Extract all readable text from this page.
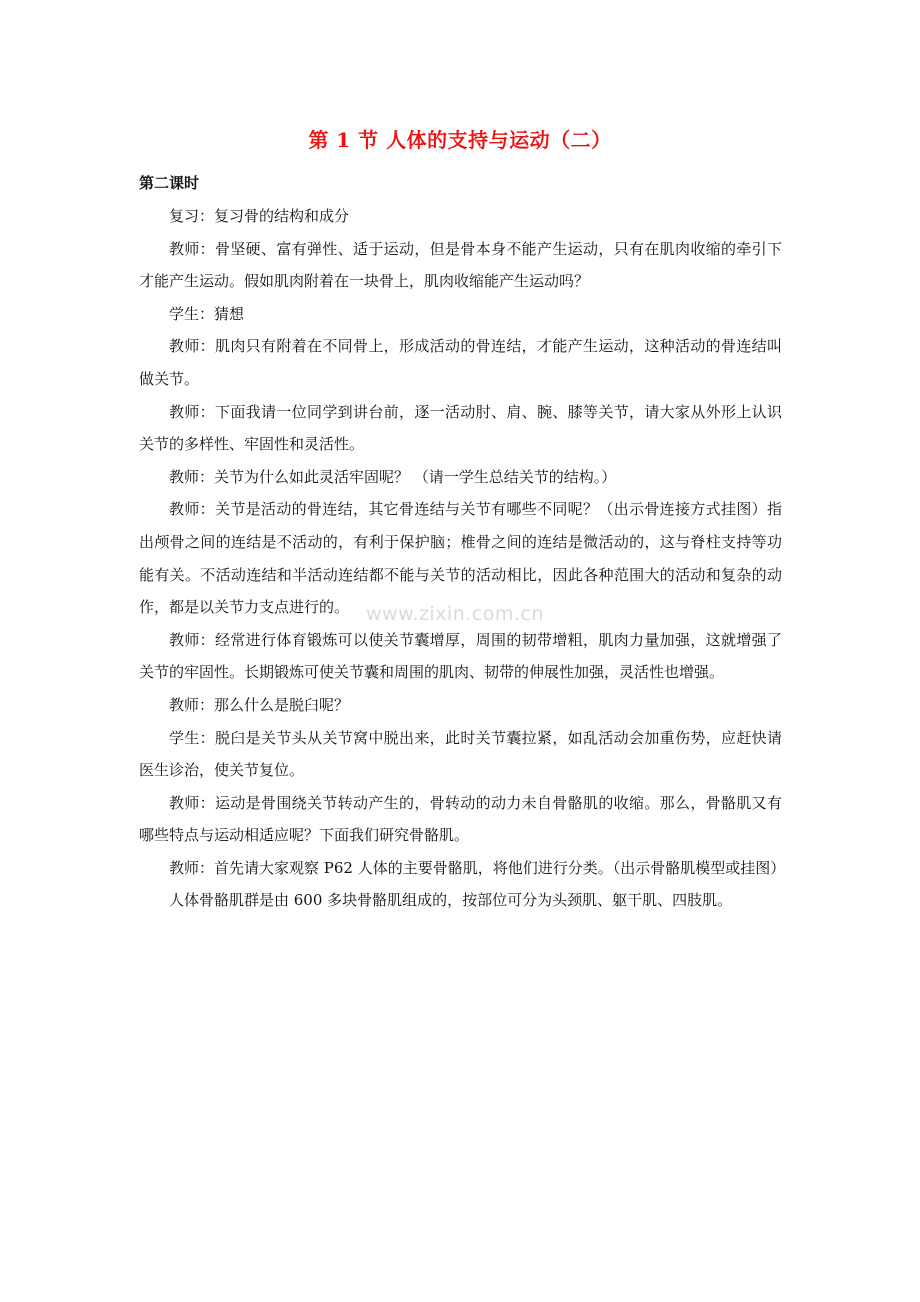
第 1 节 人体的支持与运动（二）
第二课时

复习：复习骨的结构和成分

教师：骨坚硬、富有弹性、适于运动，但是骨本身不能产生运动，只有在肌肉收缩的牵引下才能产生运动。假如肌肉附着在一块骨上，肌肉收缩能产生运动吗？

学生：猜想

教师：肌肉只有附着在不同骨上，形成活动的骨连结，才能产生运动，这种活动的骨连结叫做关节。

教师：下面我请一位同学到讲台前，逐一活动肘、肩、腕、膝等关节，请大家从外形上认识关节的多样性、牢固性和灵活性。

教师：关节为什么如此灵活牢固呢？ （请一学生总结关节的结构。）

教师：关节是活动的骨连结，其它骨连结与关节有哪些不同呢？（出示骨连接方式挂图）指出颅骨之间的连结是不活动的，有利于保护脑；椎骨之间的连结是微活动的，这与脊柱支持等功能有关。不活动连结和半活动连结都不能与关节的活动相比，因此各种范围大的活动和复杂的动作，都是以关节力支点进行的。

教师：经常进行体育锻炼可以使关节囊增厚，周围的韧带增粗，肌肉力量加强，这就增强了关节的牢固性。长期锻炼可使关节囊和周围的肌肉、韧带的伸展性加强，灵活性也增强。

教师：那么什么是脱臼呢？

学生：脱臼是关节头从关节窝中脱出来，此时关节囊拉紧，如乱活动会加重伤势，应赶快请医生诊治，使关节复位。

教师：运动是骨围绕关节转动产生的，骨转动的动力未自骨骼肌的收缩。那么，骨骼肌又有哪些特点与运动相适应呢？下面我们研究骨骼肌。

教师：首先请大家观察 P62 人体的主要骨骼肌，将他们进行分类。（出示骨骼肌模型或挂图）

人体骨骼肌群是由 600 多块骨骼肌组成的，按部位可分为头颈肌、躯干肌、四肢肌。

www.zixin.com.cn
